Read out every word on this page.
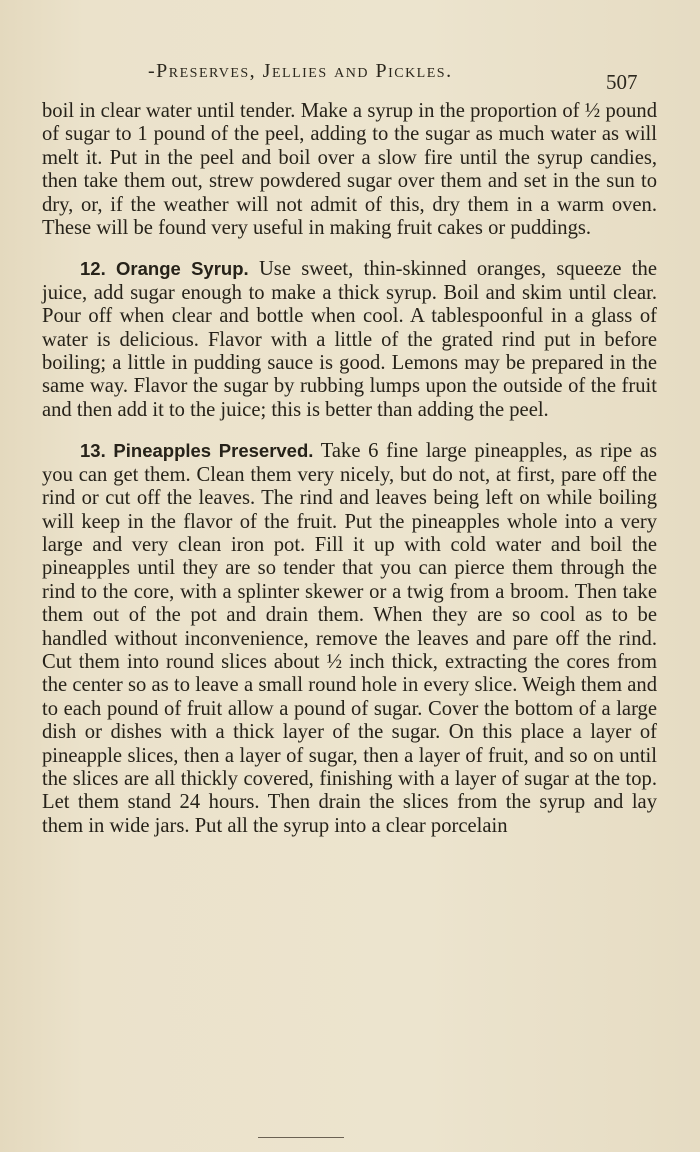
-Preserves, Jellies and Pickles.	507

boil in clear water until tender. Make a syrup in the proportion of ½ pound of sugar to 1 pound of the peel, adding to the sugar as much water as will melt it. Put in the peel and boil over a slow fire until the syrup candies, then take them out, strew powdered sugar over them and set in the sun to dry, or, if the weather will not admit of this, dry them in a warm oven. These will be found very useful in making fruit cakes or puddings.

12. Orange Syrup. Use sweet, thin-skinned oranges, squeeze the juice, add sugar enough to make a thick syrup. Boil and skim until clear. Pour off when clear and bottle when cool. A tablespoonful in a glass of water is delicious. Flavor with a little of the grated rind put in before boiling; a little in pudding sauce is good. Lemons may be prepared in the same way. Flavor the sugar by rubbing lumps upon the outside of the fruit and then add it to the juice; this is better than adding the peel.

13. Pineapples Preserved. Take 6 fine large pineapples, as ripe as you can get them. Clean them very nicely, but do not, at first, pare off the rind or cut off the leaves. The rind and leaves being left on while boiling will keep in the flavor of the fruit. Put the pineapples whole into a very large and very clean iron pot. Fill it up with cold water and boil the pineapples until they are so tender that you can pierce them through the rind to the core, with a splinter skewer or a twig from a broom. Then take them out of the pot and drain them. When they are so cool as to be handled without inconvenience, remove the leaves and pare off the rind. Cut them into round slices about ½ inch thick, extracting the cores from the center so as to leave a small round hole in every slice. Weigh them and to each pound of fruit allow a pound of sugar. Cover the bottom of a large dish or dishes with a thick layer of the sugar. On this place a layer of pineapple slices, then a layer of sugar, then a layer of fruit, and so on until the slices are all thickly covered, finishing with a layer of sugar at the top. Let them stand 24 hours. Then drain the slices from the syrup and lay them in wide jars. Put all the syrup into a clear porcelain
